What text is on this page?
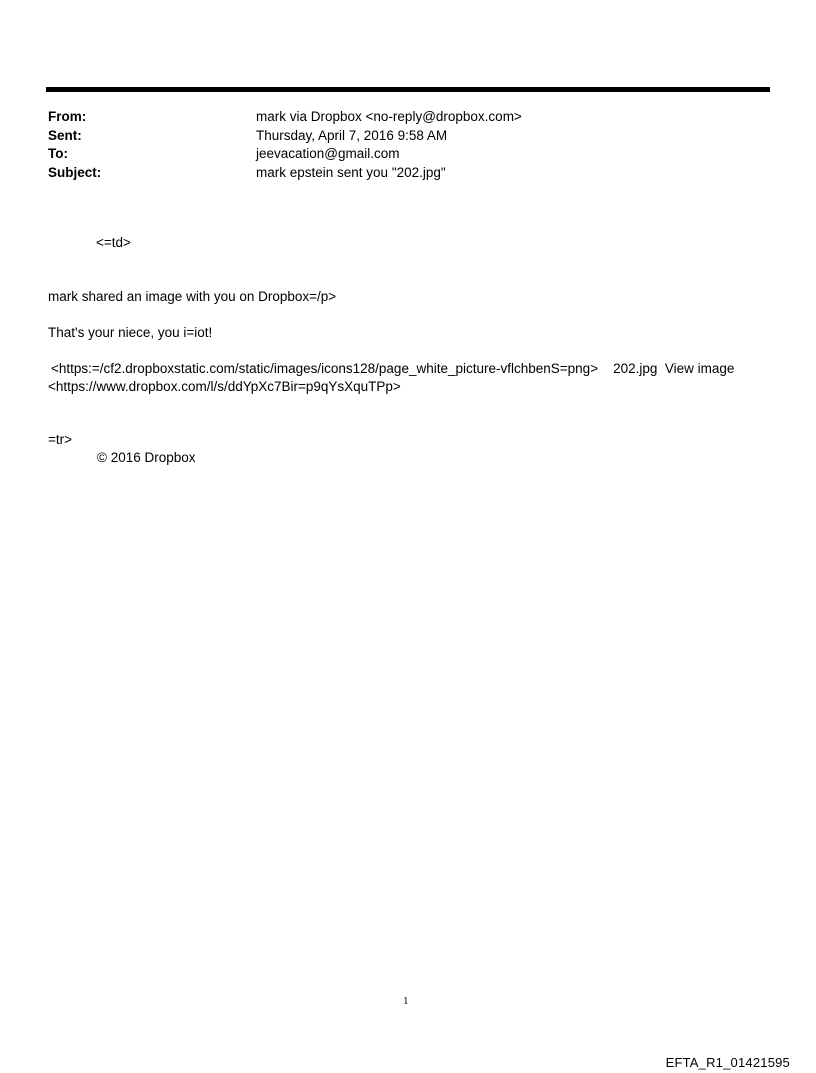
From:	mark via Dropbox <no-reply@dropbox.com>
Sent:	Thursday, April 7, 2016 9:58 AM
To:	jeevacation@gmail.com
Subject:	mark epstein sent you "202.jpg"
<=td>
mark shared an image with you on Dropbox=/p>
That's your niece, you i=iot!
<https:=/cf2.dropboxstatic.com/static/images/icons128/page_white_picture-vflchbenS=png>    202.jpg  View image
<https://www.dropbox.com/l/s/ddYpXc7Bir=p9qYsXquTPp>
=tr>
© 2016 Dropbox
1
EFTA_R1_01421595
